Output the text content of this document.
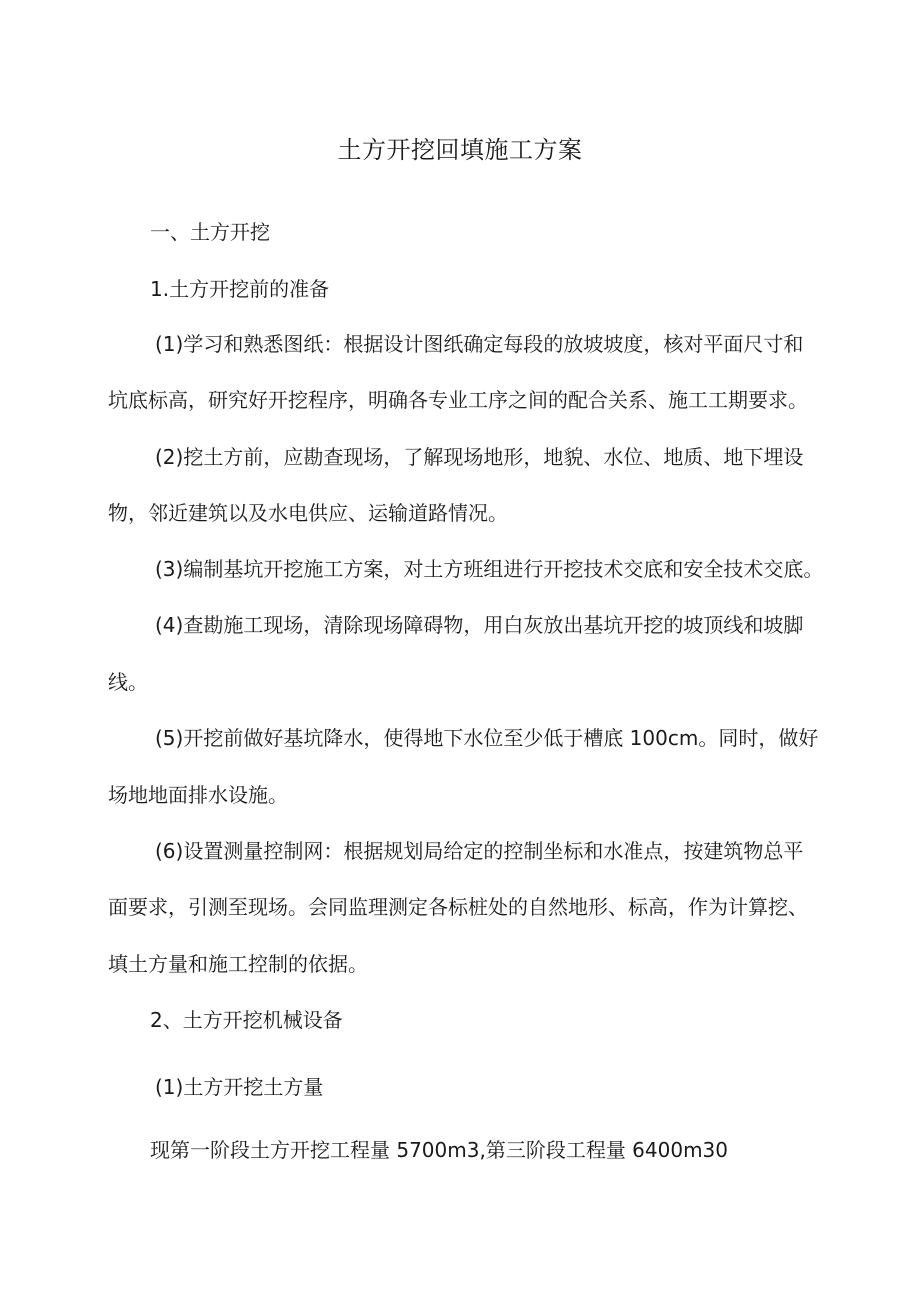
土方开挖回填施工方案
一、土方开挖
1.土方开挖前的准备
(1)学习和熟悉图纸：根据设计图纸确定每段的放坡坡度，核对平面尺寸和
坑底标高，研究好开挖程序，明确各专业工序之间的配合关系、施工工期要求。
(2)挖土方前，应勘查现场，了解现场地形，地貌、水位、地质、地下埋设
物，邻近建筑以及水电供应、运输道路情况。
(3)编制基坑开挖施工方案，对土方班组进行开挖技术交底和安全技术交底。
(4)查勘施工现场，清除现场障碍物，用白灰放出基坑开挖的坡顶线和坡脚
线。
(5)开挖前做好基坑降水，使得地下水位至少低于槽底 100cm。同时，做好
场地地面排水设施。
(6)设置测量控制网：根据规划局给定的控制坐标和水准点，按建筑物总平
面要求，引测至现场。会同监理测定各标桩处的自然地形、标高，作为计算挖、
填土方量和施工控制的依据。
2、土方开挖机械设备
(1)土方开挖土方量
现第一阶段土方开挖工程量 5700m3,第三阶段工程量 6400m30
